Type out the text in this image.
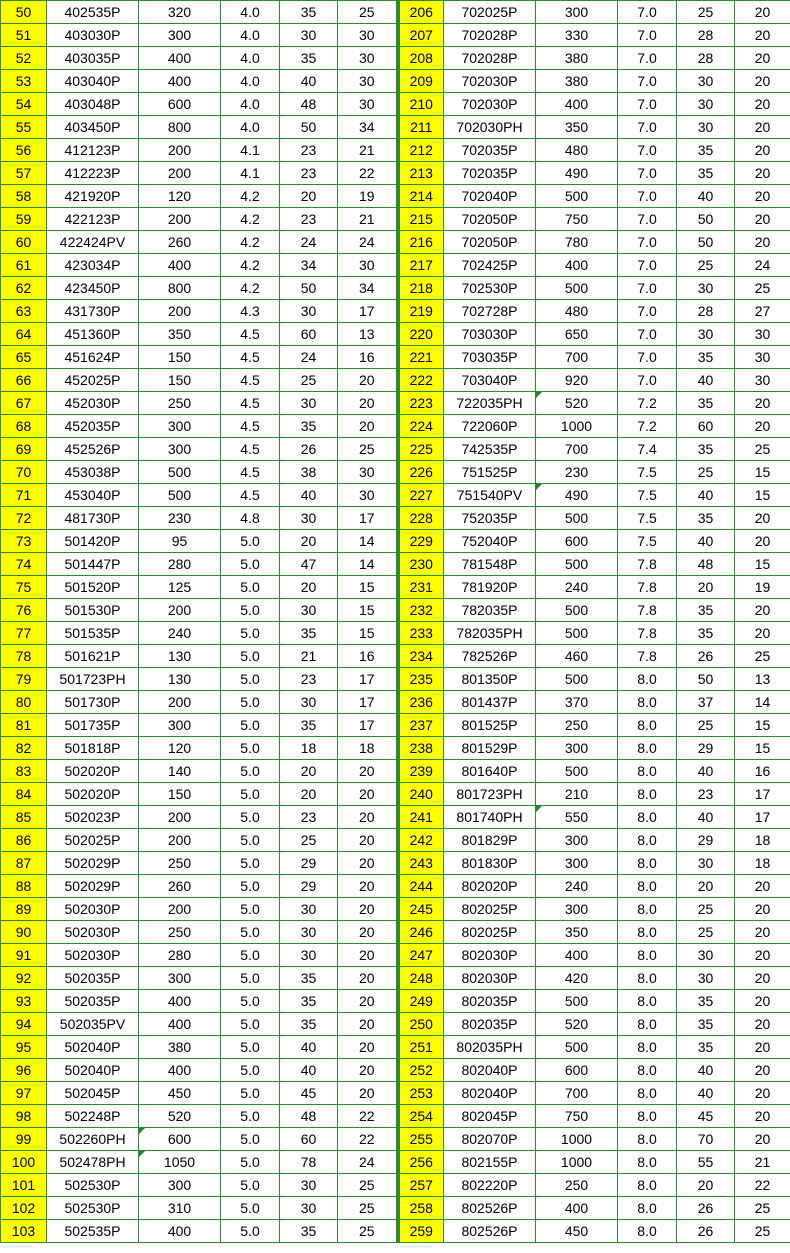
50	402535P	320	4.0	35	25	206	702025P	300	7.0	25	20
51	403030P	300	4.0	30	30	207	702028P	330	7.0	28	20
52	403035P	400	4.0	35	30	208	702028P	380	7.0	28	20
53	403040P	400	4.0	40	30	209	702030P	380	7.0	30	20
54	403048P	600	4.0	48	30	210	702030P	400	7.0	30	20
55	403450P	800	4.0	50	34	211	702030PH	350	7.0	30	20
56	412123P	200	4.1	23	21	212	702035P	480	7.0	35	20
57	412223P	200	4.1	23	22	213	702035P	490	7.0	35	20
58	421920P	120	4.2	20	19	214	702040P	500	7.0	40	20
59	422123P	200	4.2	23	21	215	702050P	750	7.0	50	20
60	422424PV	260	4.2	24	24	216	702050P	780	7.0	50	20
61	423034P	400	4.2	34	30	217	702425P	400	7.0	25	24
62	423450P	800	4.2	50	34	218	702530P	500	7.0	30	25
63	431730P	200	4.3	30	17	219	702728P	480	7.0	28	27
64	451360P	350	4.5	60	13	220	703030P	650	7.0	30	30
65	451624P	150	4.5	24	16	221	703035P	700	7.0	35	30
66	452025P	150	4.5	25	20	222	703040P	920	7.0	40	30
67	452030P	250	4.5	30	20	223	722035PH	520	7.2	35	20
68	452035P	300	4.5	35	20	224	722060P	1000	7.2	60	20
69	452526P	300	4.5	26	25	225	742535P	700	7.4	35	25
70	453038P	500	4.5	38	30	226	751525P	230	7.5	25	15
71	453040P	500	4.5	40	30	227	751540PV	490	7.5	40	15
72	481730P	230	4.8	30	17	228	752035P	500	7.5	35	20
73	501420P	95	5.0	20	14	229	752040P	600	7.5	40	20
74	501447P	280	5.0	47	14	230	781548P	500	7.8	48	15
75	501520P	125	5.0	20	15	231	781920P	240	7.8	20	19
76	501530P	200	5.0	30	15	232	782035P	500	7.8	35	20
77	501535P	240	5.0	35	15	233	782035PH	500	7.8	35	20
78	501621P	130	5.0	21	16	234	782526P	460	7.8	26	25
79	501723PH	130	5.0	23	17	235	801350P	500	8.0	50	13
80	501730P	200	5.0	30	17	236	801437P	370	8.0	37	14
81	501735P	300	5.0	35	17	237	801525P	250	8.0	25	15
82	501818P	120	5.0	18	18	238	801529P	300	8.0	29	15
83	502020P	140	5.0	20	20	239	801640P	500	8.0	40	16
84	502020P	150	5.0	20	20	240	801723PH	210	8.0	23	17
85	502023P	200	5.0	23	20	241	801740PH	550	8.0	40	17
86	502025P	200	5.0	25	20	242	801829P	300	8.0	29	18
87	502029P	250	5.0	29	20	243	801830P	300	8.0	30	18
88	502029P	260	5.0	29	20	244	802020P	240	8.0	20	20
89	502030P	200	5.0	30	20	245	802025P	300	8.0	25	20
90	502030P	250	5.0	30	20	246	802025P	350	8.0	25	20
91	502030P	280	5.0	30	20	247	802030P	400	8.0	30	20
92	502035P	300	5.0	35	20	248	802030P	420	8.0	30	20
93	502035P	400	5.0	35	20	249	802035P	500	8.0	35	20
94	502035PV	400	5.0	35	20	250	802035P	520	8.0	35	20
95	502040P	380	5.0	40	20	251	802035PH	500	8.0	35	20
96	502040P	400	5.0	40	20	252	802040P	600	8.0	40	20
97	502045P	450	5.0	45	20	253	802040P	700	8.0	40	20
98	502248P	520	5.0	48	22	254	802045P	750	8.0	45	20
99	502260PH	600	5.0	60	22	255	802070P	1000	8.0	70	20
100	502478PH	1050	5.0	78	24	256	802155P	1000	8.0	55	21
101	502530P	300	5.0	30	25	257	802220P	250	8.0	20	22
102	502530P	310	5.0	30	25	258	802526P	400	8.0	26	25
103	502535P	400	5.0	35	25	259	802526P	450	8.0	26	25
